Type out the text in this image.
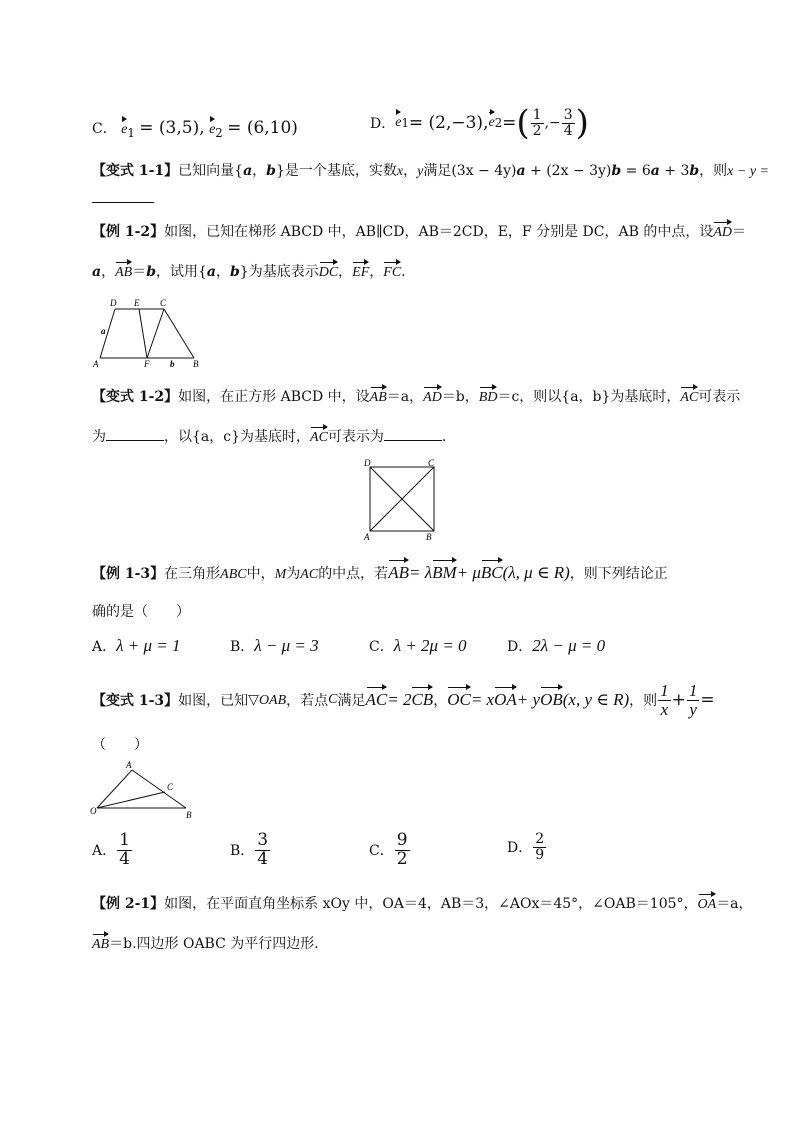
C． $e_1 = (3,5)$, $e_2 = (6,10)$	D． e 1 = (2,−3), e 2 = ( $\frac{1}{2}$ ,− $\frac{3}{4}$ )
【变式 1-1】已知向量{a，b}是一个基底，实数x，y满足(3x − 4y)a + (2x − 3y)b = 6a + 3b，则x − y =
【例 1-2】如图，已知在梯形 ABCD 中，AB∥CD，AB＝2CD，E，F 分别是 DC，AB 的中点，设AD＝
a，AB＝b，试用{a，b}为基底表示DC，EF，FC.
D E C
A	F	B
a
b
【变式 1-2】如图，在正方形 ABCD 中，设AB＝a，AD＝b，BD＝c，则以{a，b}为基底时，AC可表示
为	，以{a，c}为基底时，AC可表示为	.
D	C
A	B
【例 1-3】在三角形ABC中，M为AC的中点，若AB= λBM+ μBC(λ, μ ∈ R)，则下列结论正
确的是（　　）
A．λ + μ = 1	B．λ − μ = 3	C．λ + 2μ = 0	D．2λ − μ = 0
【变式 1-3】 如图，已知 ▽OAB ，若点 C 满足 AC = 2 CB ， OC = x OA + y OB (x, y ∈ R) ，则 $\frac{1}{x} + \frac{1}{y}$ =
（　　）
A
C
O	B
A． $\frac{1}{4}$	B． $\frac{3}{4}$	C． $\frac{9}{2}$	D． $\frac{2}{9}$
【例 2-1】如图，在平面直角坐标系 xOy 中，OA＝4，AB＝3，∠AOx＝45°，∠OAB＝105°，OA＝a，
AB＝b.四边形 OABC 为平行四边形.
